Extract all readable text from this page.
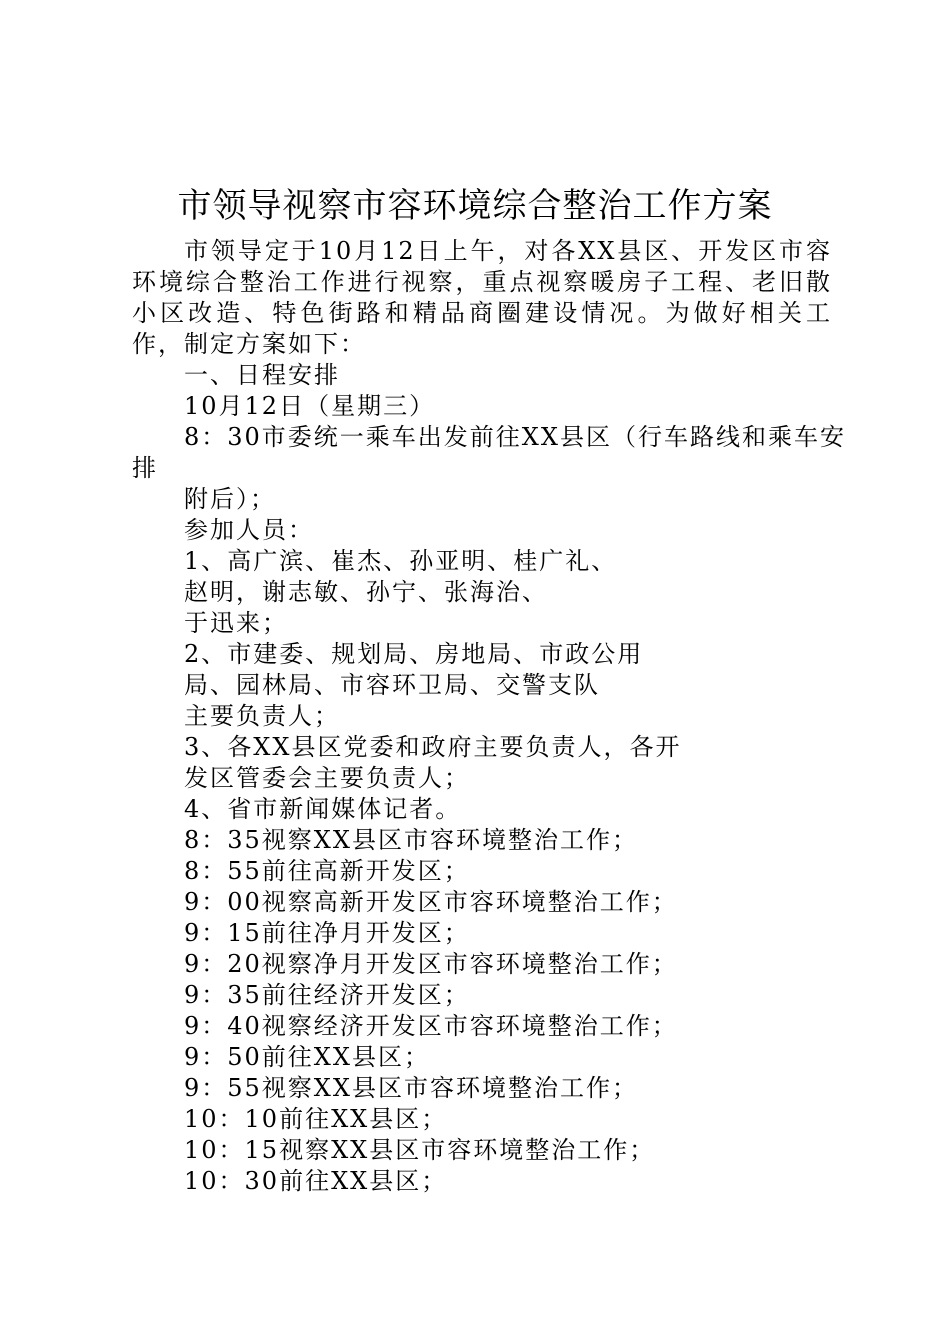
市领导视察市容环境综合整治工作方案

市领导定于10月12日上午，对各XX县区、开发区市容环境综合整治工作进行视察，重点视察暖房子工程、老旧散小区改造、特色街路和精品商圈建设情况。为做好相关工作，制定方案如下：

一、日程安排

10月12日（星期三）

8：30市委统一乘车出发前往XX县区（行车路线和乘车安

排

附后）；

参加人员：

1、高广滨、崔杰、孙亚明、桂广礼、

赵明，谢志敏、孙宁、张海治、

于迅来；

2、市建委、规划局、房地局、市政公用

局、园林局、市容环卫局、交警支队

主要负责人；

3、各XX县区党委和政府主要负责人，各开

发区管委会主要负责人；

4、省市新闻媒体记者。

8：35视察XX县区市容环境整治工作；

8：55前往高新开发区；

9：00视察高新开发区市容环境整治工作；

9：15前往净月开发区；

9：20视察净月开发区市容环境整治工作；

9：35前往经济开发区；

9：40视察经济开发区市容环境整治工作；

9：50前往XX县区；

9：55视察XX县区市容环境整治工作；

10：10前往XX县区；

10：15视察XX县区市容环境整治工作；

10：30前往XX县区；
